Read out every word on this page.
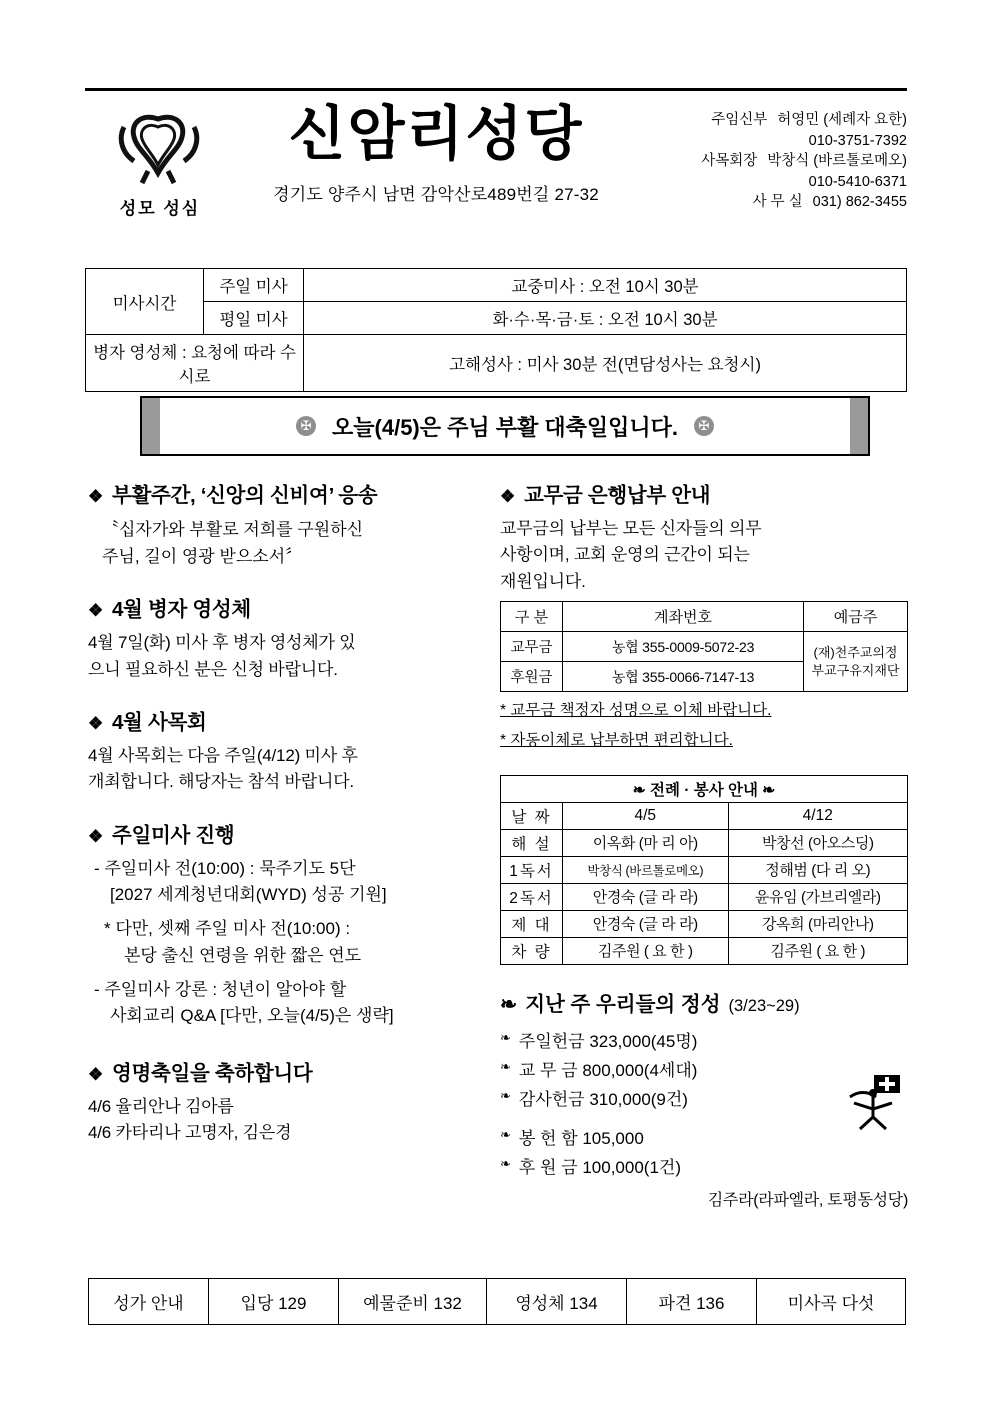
성모 성심
신암리성당
경기도 양주시 남면 감악산로489번길 27-32
주임신부 허영민 (세례자 요한)
010-3751-7392
사목회장 박창식 (바르톨로메오)
010-5410-6371
사 무 실 031) 862-3455
미사시간	주일 미사	교중미사 : 오전 10시 30분
	평일 미사	화·수·목·금·토 : 오전 10시 30분
병자 영성체 : 요청에 따라 수시로		고해성사 : 미사 30분 전(면담성사는 요청시)
✠ 오늘(4/5)은 주님 부활 대축일입니다.	✠
❖ 부활주간, ‘신앙의 신비여’ 응송

〝십자가와 부활로 저희를 구원하신
주님, 길이 영광 받으소서〞

❖ 4월 병자 영성체

4월 7일(화) 미사 후 병자 영성체가 있

으니 필요하신 분은 신청 바랍니다.

❖ 4월 사목회

4월 사목회는 다음 주일(4/12) 미사 후

개최합니다. 해당자는 참석 바랍니다.

❖ 주일미사 진행
- 주일미사 전(10:00) : 묵주기도 5단
[2027 세계청년대회(WYD) 성공 기원]
* 다만, 셋째 주일 미사 전(10:00) :
본당 출신 연령을 위한 짧은 연도
- 주일미사 강론 : 청년이 알아야 할
사회교리 Q&A [다만, 오늘(4/5)은 생략]
❖ 영명축일을 축하합니다

4/6 율리안나 김아름

4/6 카타리나 고명자, 김은경

❖ 교무금 은행납부 안내

교무금의 납부는 모든 신자들의 의무

사항이며, 교회 운영의 근간이 되는

재원입니다.

구 분	계좌번호	예금주
교무금	농협 355-0009-5072-23	(재)천주교의정
부교구유지재단
후원금	농협 355-0066-7147-13	
* 교무금 책정자 성명으로 이체 바랍니다.
* 자동이체로 납부하면 편리합니다.
❧ 전례 · 봉사 안내 ❧		
날 짜	4/5	4/12
해 설	이옥화 (마 리 아)	박창선 (아오스딩)
1독서	박창식 (바르톨로메오)	정해범 (다 리 오)
2독서	안경숙 (글 라 라)	윤유임 (가브리엘라)
제 대	안경숙 (글 라 라)	강옥희 (마리안나)
차 량	김주원 ( 요 한 )	김주원 ( 요 한 )
❧ 지난 주 우리들의 정성 (3/23~29)
❧ 주일헌금 323,000(45명)
❧ 교 무 금 800,000(4세대)
❧ 감사헌금 310,000(9건)
❧ 봉 헌 함 105,000
❧ 후 원 금 100,000(1건)
김주라(라파엘라, 토평동성당)
성가 안내	입당 129	예물준비 132	영성체 134	파견 136	미사곡 다섯
